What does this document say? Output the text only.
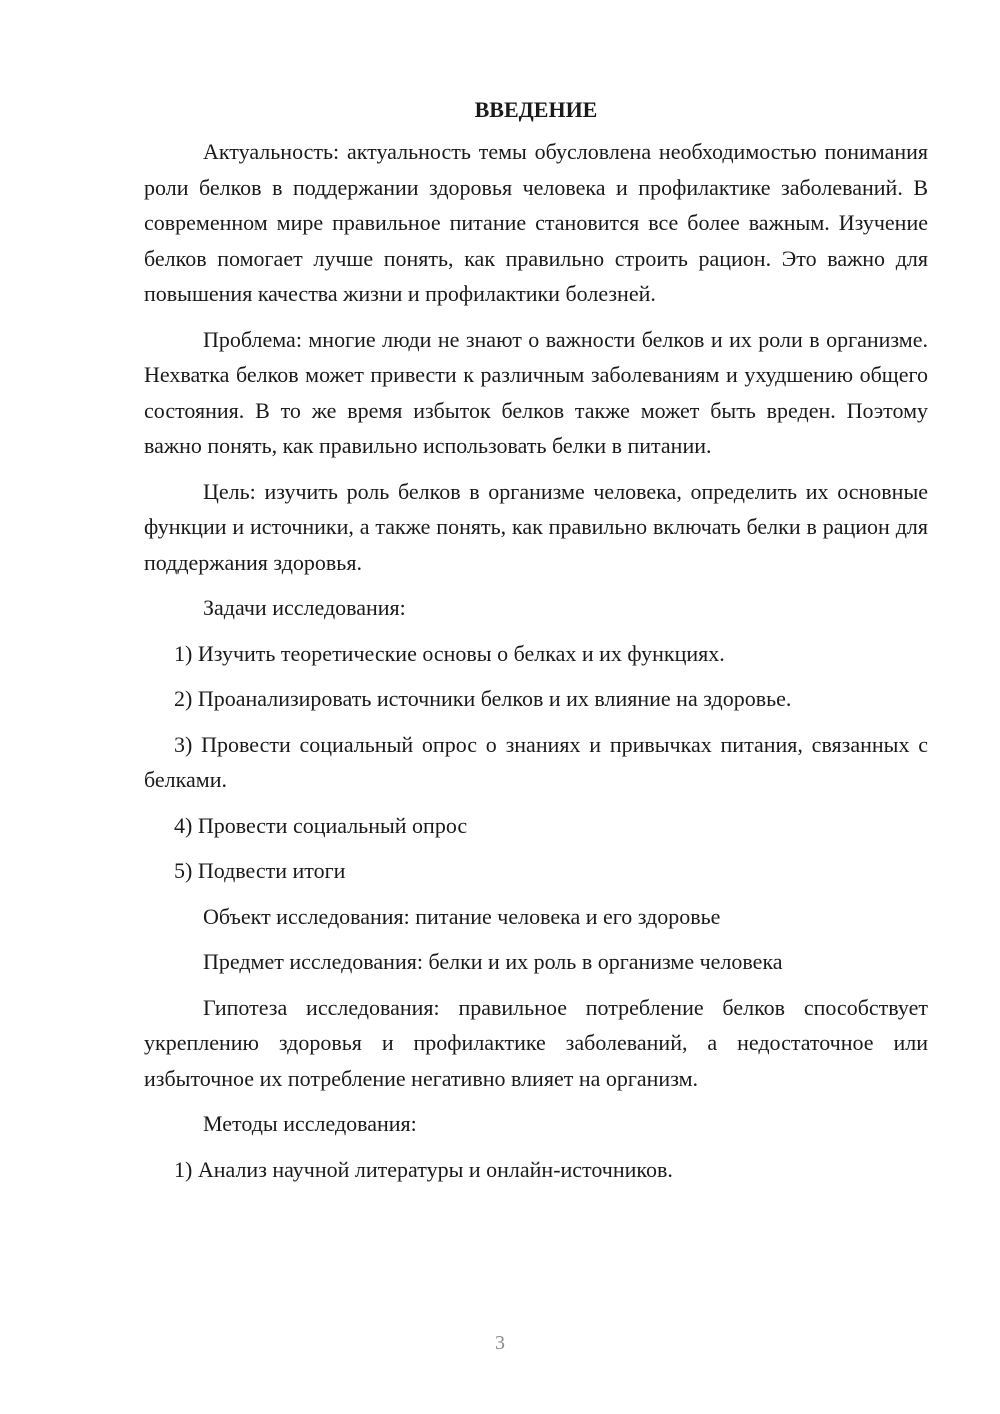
ВВЕДЕНИЕ
Актуальность: актуальность темы обусловлена необходимостью понимания роли белков в поддержании здоровья человека и профилактике заболеваний. В современном мире правильное питание становится все более важным. Изучение белков помогает лучше понять, как правильно строить рацион. Это важно для повышения качества жизни и профилактики болезней.
Проблема: многие люди не знают о важности белков и их роли в организме. Нехватка белков может привести к различным заболеваниям и ухудшению общего состояния. В то же время избыток белков также может быть вреден. Поэтому важно понять, как правильно использовать белки в питании.
Цель: изучить роль белков в организме человека, определить их основные функции и источники, а также понять, как правильно включать белки в рацион для поддержания здоровья.
Задачи исследования:
1) Изучить теоретические основы о белках и их функциях.
2) Проанализировать источники белков и их влияние на здоровье.
3) Провести социальный опрос о знаниях и привычках питания, связанных с белками.
4) Провести социальный опрос
5) Подвести итоги
Объект исследования: питание человека и его здоровье
Предмет исследования: белки и их роль в организме человека
Гипотеза исследования: правильное потребление белков способствует укреплению здоровья и профилактике заболеваний, а недостаточное или избыточное их потребление негативно влияет на организм.
Методы исследования:
1) Анализ научной литературы и онлайн-источников.
3
